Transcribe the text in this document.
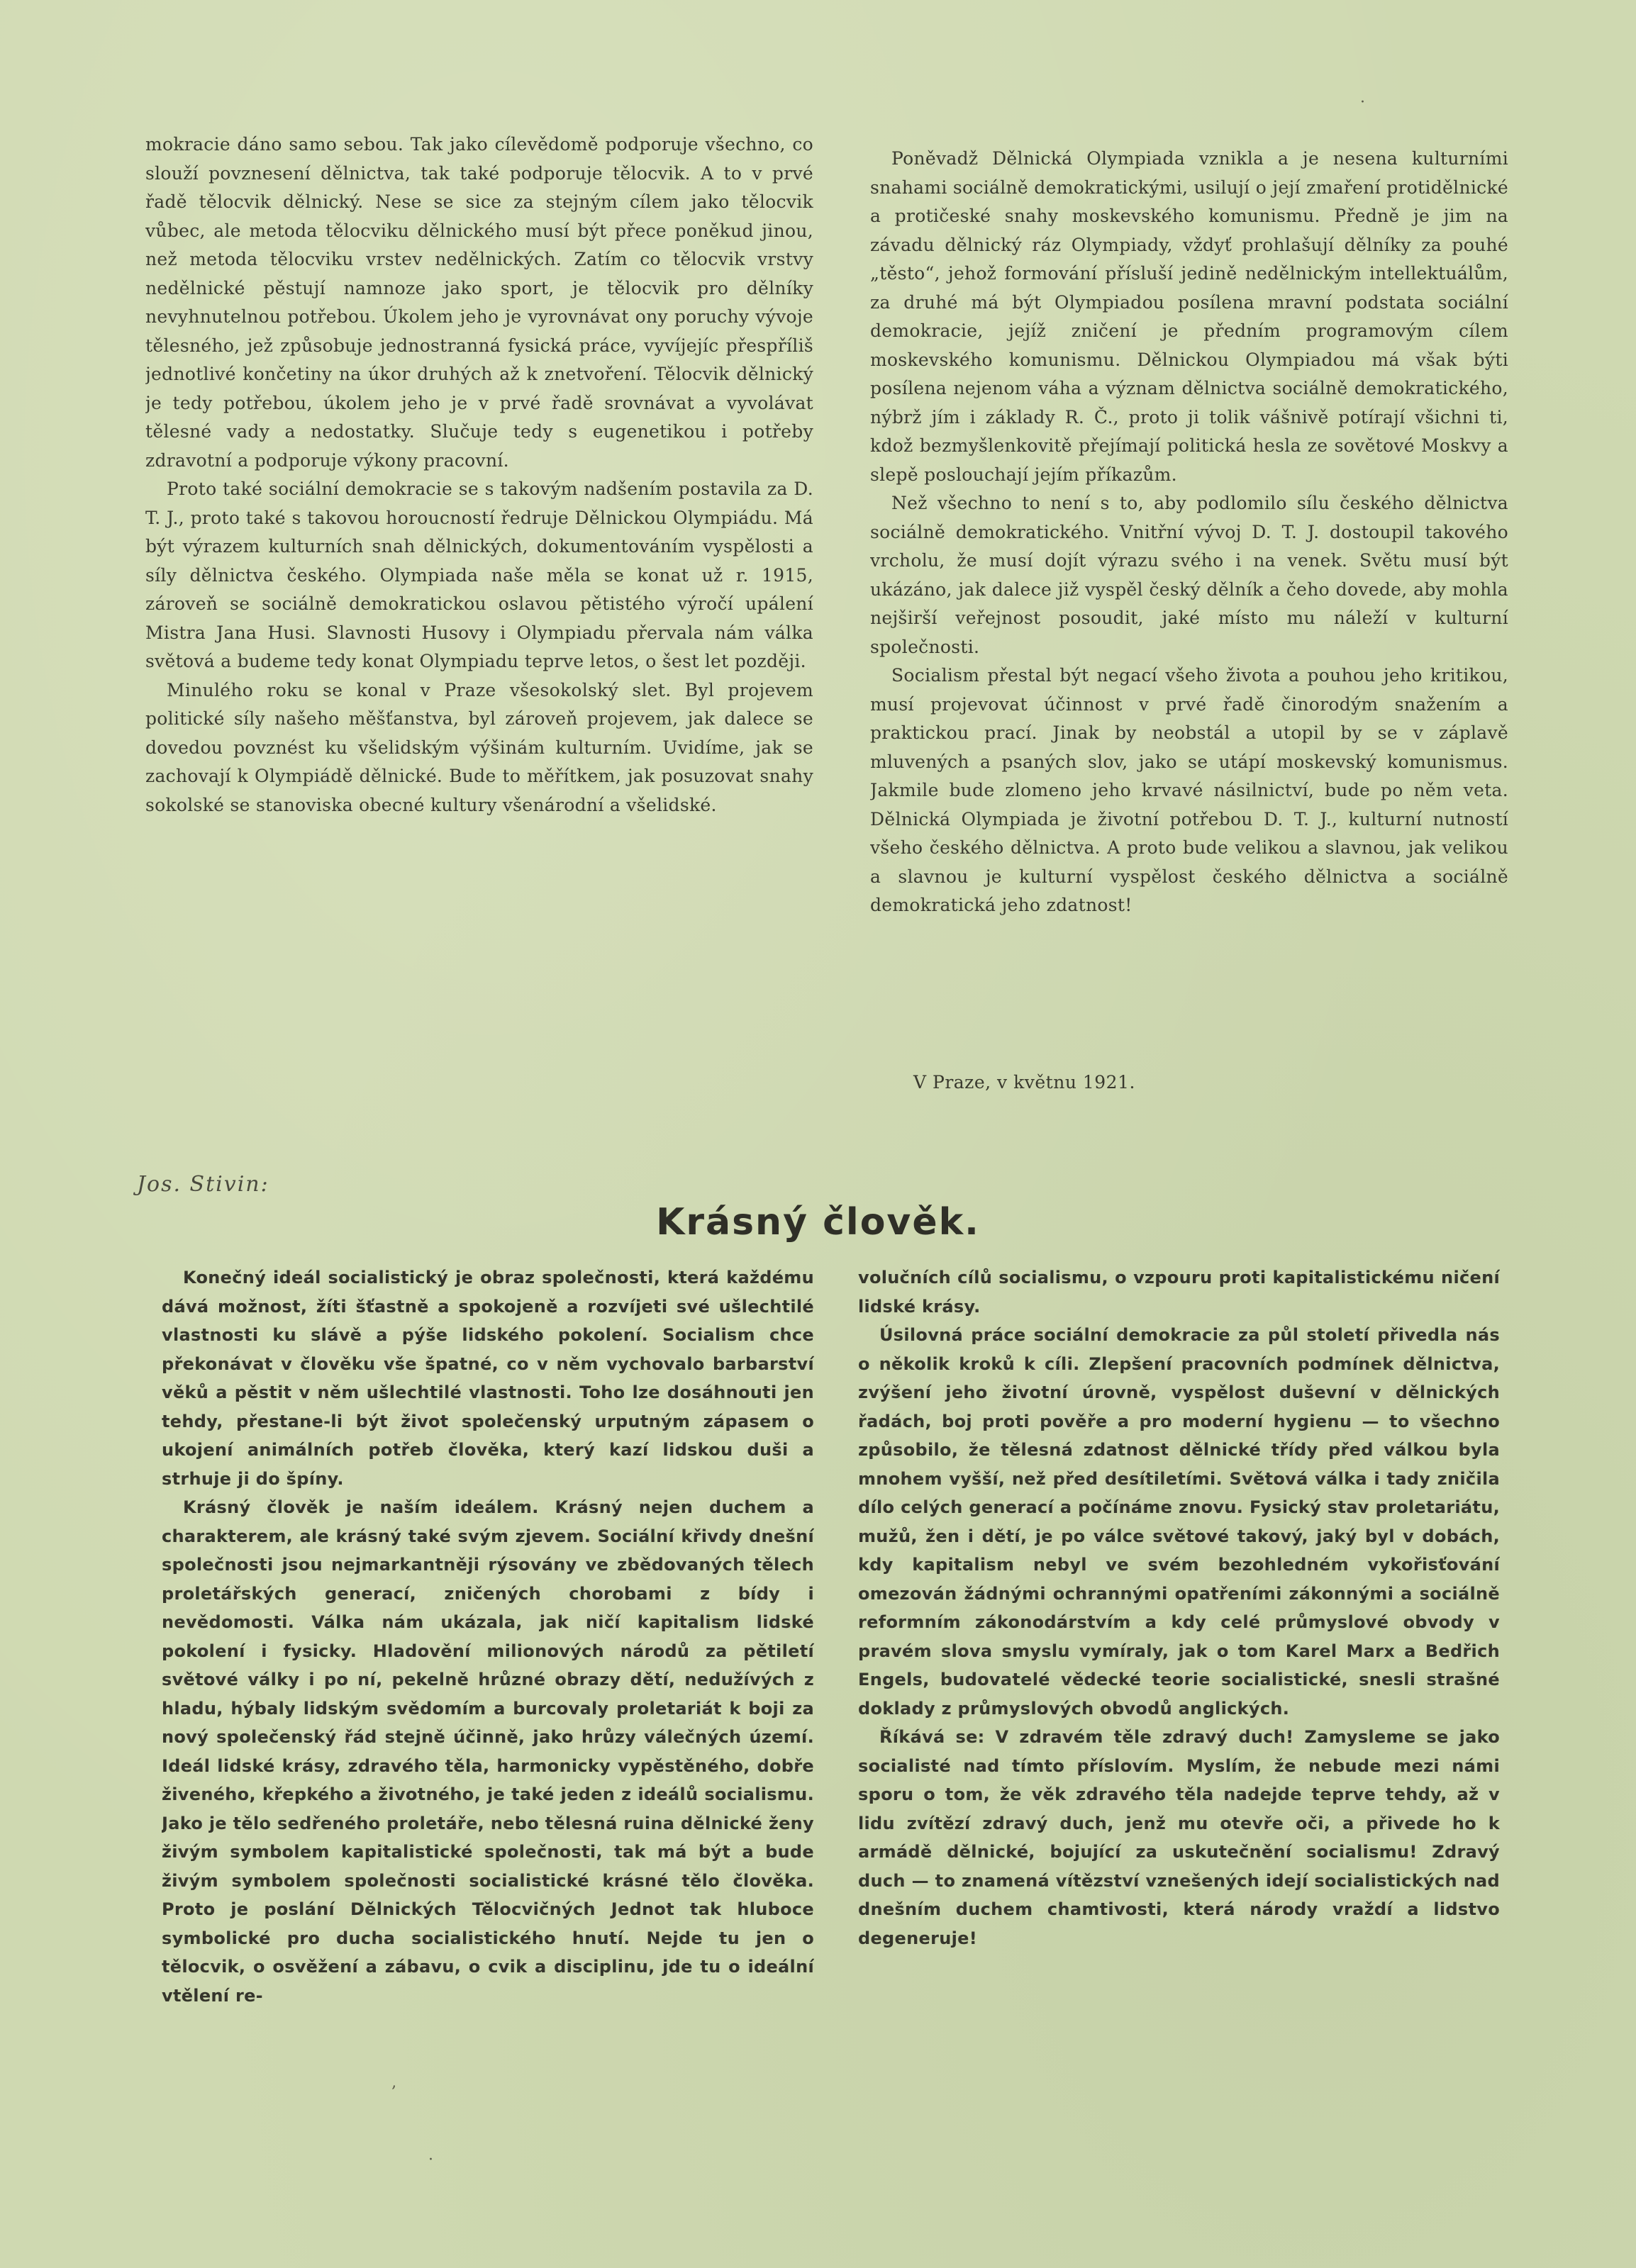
mokracie dáno samo sebou. Tak jako cílevědomě podporuje všechno, co slouží povznesení dělnictva, tak také podporuje tělocvik. A to v prvé řadě tělocvik dělnický. Nese se sice za stejným cílem jako tělocvik vůbec, ale metoda tělocviku dělnického musí být přece poněkud jinou, než metoda tělocviku vrstev nedělnických. Zatím co tělocvik vrstvy nedělnické pěstují namnoze jako sport, je tělocvik pro dělníky nevyhnutelnou potřebou. Úkolem jeho je vyrovnávat ony poruchy vývoje tělesného, jež způsobuje jednostranná fysická práce, vyvíjejíc přespříliš jednotlivé končetiny na úkor druhých až k znetvoření. Tělocvik dělnický je tedy potřebou, úkolem jeho je v prvé řadě srovnávat a vyvolávat tělesné vady a nedostatky. Slučuje tedy s eugenetikou i potřeby zdravotní a podporuje výkony pracovní.

Proto také sociální demokracie se s takovým nadšením postavila za D. T. J., proto také s takovou horoucností ředruje Dělnickou Olympiádu. Má být výrazem kulturních snah dělnických, dokumentováním vyspělosti a síly dělnictva českého. Olympiada naše měla se konat už r. 1915, zároveň se sociálně demokratickou oslavou pětistého výročí upálení Mistra Jana Husi. Slavnosti Husovy i Olympiadu přervala nám válka světová a budeme tedy konat Olympiadu teprve letos, o šest let později.

Minulého roku se konal v Praze všesokolský slet. Byl projevem politické síly našeho měšťanstva, byl zároveň projevem, jak dalece se dovedou povznést ku všelidským výšinám kulturním. Uvidíme, jak se zachovají k Olympiádě dělnické. Bude to měřítkem, jak posuzovat snahy sokolské se stanoviska obecné kultury všenárodní a všelidské.

Poněvadž Dělnická Olympiada vznikla a je nesena kulturními snahami sociálně demokratickými, usilují o její zmaření protidělnické a protičeské snahy moskevského komunismu. Předně je jim na závadu dělnický ráz Olympiady, vždyť prohlašují dělníky za pouhé „těsto“, jehož formování přísluší jedině nedělnickým intellektuálům, za druhé má být Olympiadou posílena mravní podstata sociální demokracie, jejíž zničení je předním programovým cílem moskevského komunismu. Dělnickou Olympiadou má však býti posílena nejenom váha a význam dělnictva sociálně demokratického, nýbrž jím i základy R. Č., proto ji tolik vášnivě potírají všichni ti, kdož bezmyšlenkovitě přejímají politická hesla ze sovětové Moskvy a slepě poslouchají jejím příkazům.

Než všechno to není s to, aby podlomilo sílu českého dělnictva sociálně demokratického. Vnitřní vývoj D. T. J. dostoupil takového vrcholu, že musí dojít výrazu svého i na venek. Světu musí být ukázáno, jak dalece již vyspěl český dělník a čeho dovede, aby mohla nejširší veřejnost posoudit, jaké místo mu náleží v kulturní společnosti.

Socialism přestal být negací všeho života a pouhou jeho kritikou, musí projevovat účinnost v prvé řadě činorodým snažením a praktickou prací. Jinak by neobstál a utopil by se v záplavě mluvených a psaných slov, jako se utápí moskevský komunismus. Jakmile bude zlomeno jeho krvavé násilnictví, bude po něm veta. Dělnická Olympiada je životní potřebou D. T. J., kulturní nutností všeho českého dělnictva. A proto bude velikou a slavnou, jak velikou a slavnou je kulturní vyspělost českého dělnictva a sociálně demokratická jeho zdatnost!

V Praze, v květnu 1921.
Jos. Stivin:
Krásný člověk.

Konečný ideál socialistický je obraz společnosti, která každému dává možnost, žíti šťastně a spokojeně a rozvíjeti své ušlechtilé vlastnosti ku slávě a pýše lidského pokolení. Socialism chce překonávat v člověku vše špatné, co v něm vychovalo barbarství věků a pěstit v něm ušlechtilé vlastnosti. Toho lze dosáhnouti jen tehdy, přestane-li být život společenský urputným zápasem o ukojení animálních potřeb člověka, který kazí lidskou duši a strhuje ji do špíny.

Krásný člověk je naším ideálem. Krásný nejen duchem a charakterem, ale krásný také svým zjevem. Sociální křivdy dnešní společnosti jsou nejmarkantněji rýsovány ve zbědovaných tělech proletářských generací, zničených chorobami z bídy i nevědomosti. Válka nám ukázala, jak ničí kapitalism lidské pokolení i fysicky. Hladovění milionových národů za pětiletí světové války i po ní, pekelně hrůzné obrazy dětí, nedužívých z hladu, hýbaly lidským svědomím a burcovaly proletariát k boji za nový společenský řád stejně účinně, jako hrůzy válečných území. Ideál lidské krásy, zdravého těla, harmonicky vypěstěného, dobře živeného, křepkého a životného, je také jeden z ideálů socialismu. Jako je tělo sedřeného proletáře, nebo tělesná ruina dělnické ženy živým symbolem kapitalistické společnosti, tak má být a bude živým symbolem společnosti socialistické krásné tělo člověka. Proto je poslání Dělnických Tělocvičných Jednot tak hluboce symbolické pro ducha socialistického hnutí. Nejde tu jen o tělocvik, o osvěžení a zábavu, o cvik a disciplinu, jde tu o ideální vtělení re-

volučních cílů socialismu, o vzpouru proti kapitalistickému ničení lidské krásy.

Úsilovná práce sociální demokracie za půl století přivedla nás o několik kroků k cíli. Zlepšení pracovních podmínek dělnictva, zvýšení jeho životní úrovně, vyspělost duševní v dělnických řadách, boj proti pověře a pro moderní hygienu — to všechno způsobilo, že tělesná zdatnost dělnické třídy před válkou byla mnohem vyšší, než před desítiletími. Světová válka i tady zničila dílo celých generací a počínáme znovu. Fysický stav proletariátu, mužů, žen i dětí, je po válce světové takový, jaký byl v dobách, kdy kapitalism nebyl ve svém bezohledném vykořisťování omezován žádnými ochrannými opatřeními zákonnými a sociálně reformním zákonodárstvím a kdy celé průmyslové obvody v pravém slova smyslu vymíraly, jak o tom Karel Marx a Bedřich Engels, budovatelé vědecké teorie socialistické, snesli strašné doklady z průmyslových obvodů anglických.

Říkává se: V zdravém těle zdravý duch! Zamysleme se jako socialisté nad tímto příslovím. Myslím, že nebude mezi námi sporu o tom, že věk zdravého těla nadejde teprve tehdy, až v lidu zvítězí zdravý duch, jenž mu otevře oči, a přivede ho k armádě dělnické, bojující za uskutečnění socialismu! Zdravý duch — to znamená vítězství vznešených idejí socialistických nad dnešním duchem chamtivosti, která národy vraždí a lidstvo degeneruje!

·
‚
·
